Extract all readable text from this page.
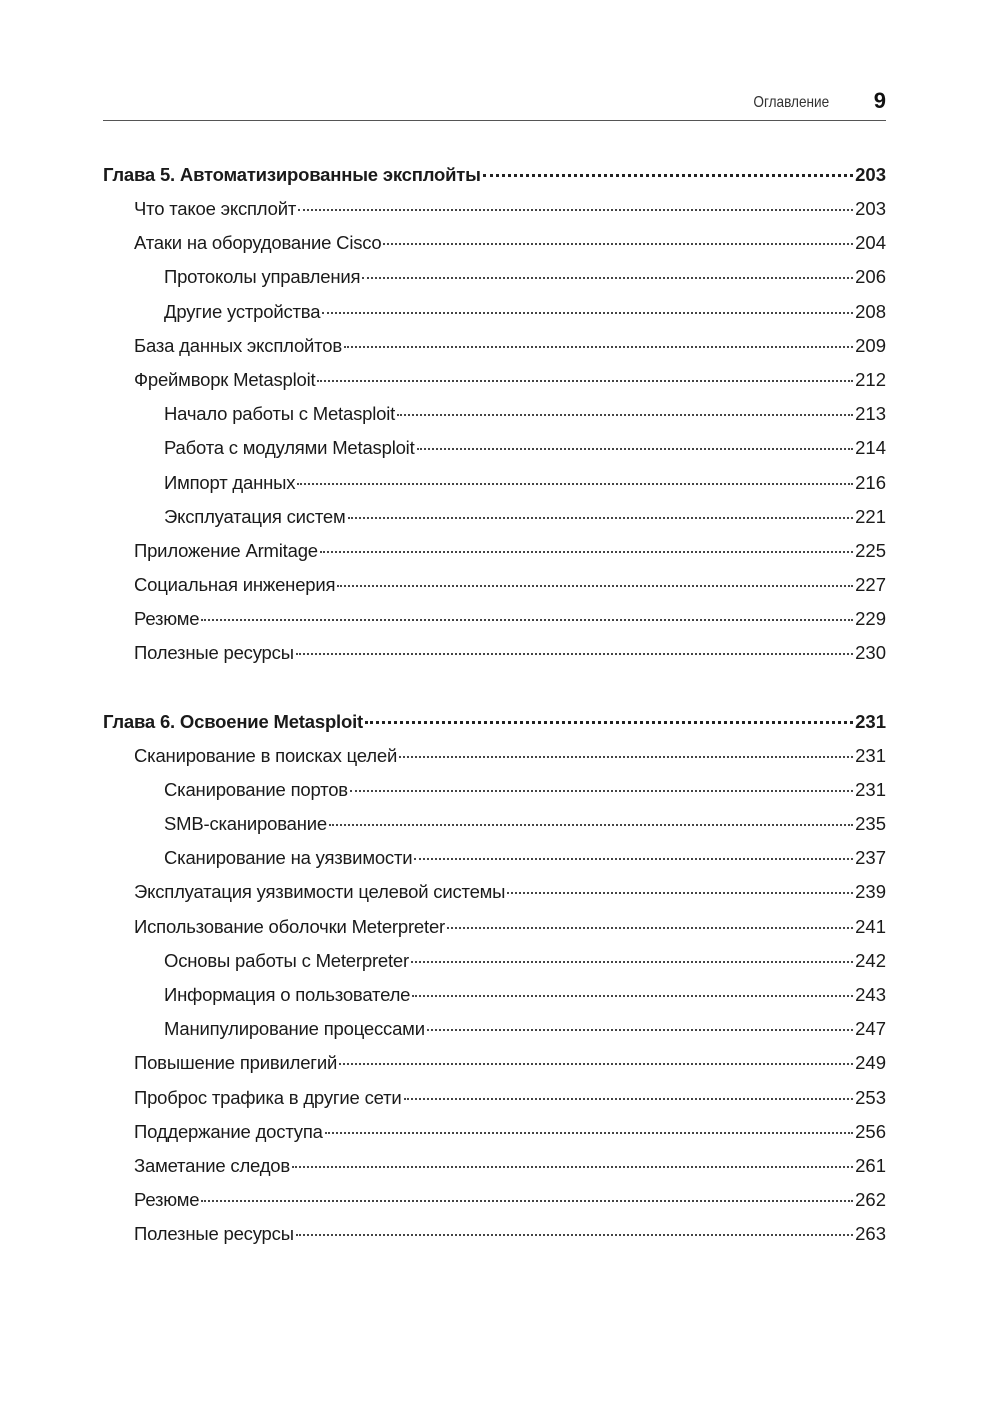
Оглавление 9
Глава 5. Автоматизированные эксплойты	203
Что такое эксплойт	203
Атаки на оборудование Cisco	204
Протоколы управления	206
Другие устройства	208
База данных эксплойтов	209
Фреймворк Metasploit	212
Начало работы с Metasploit	213
Работа с модулями Metasploit	214
Импорт данных	216
Эксплуатация систем	221
Приложение Armitage	225
Социальная инженерия	227
Резюме	229
Полезные ресурсы	230
Глава 6. Освоение Metasploit	231
Сканирование в поисках целей	231
Сканирование портов	231
SMB-сканирование	235
Сканирование на уязвимости	237
Эксплуатация уязвимости целевой системы	239
Использование оболочки Meterpreter	241
Основы работы с Meterpreter	242
Информация о пользователе	243
Манипулирование процессами	247
Повышение привилегий	249
Проброс трафика в другие сети	253
Поддержание доступа	256
Заметание следов	261
Резюме	262
Полезные ресурсы	263
